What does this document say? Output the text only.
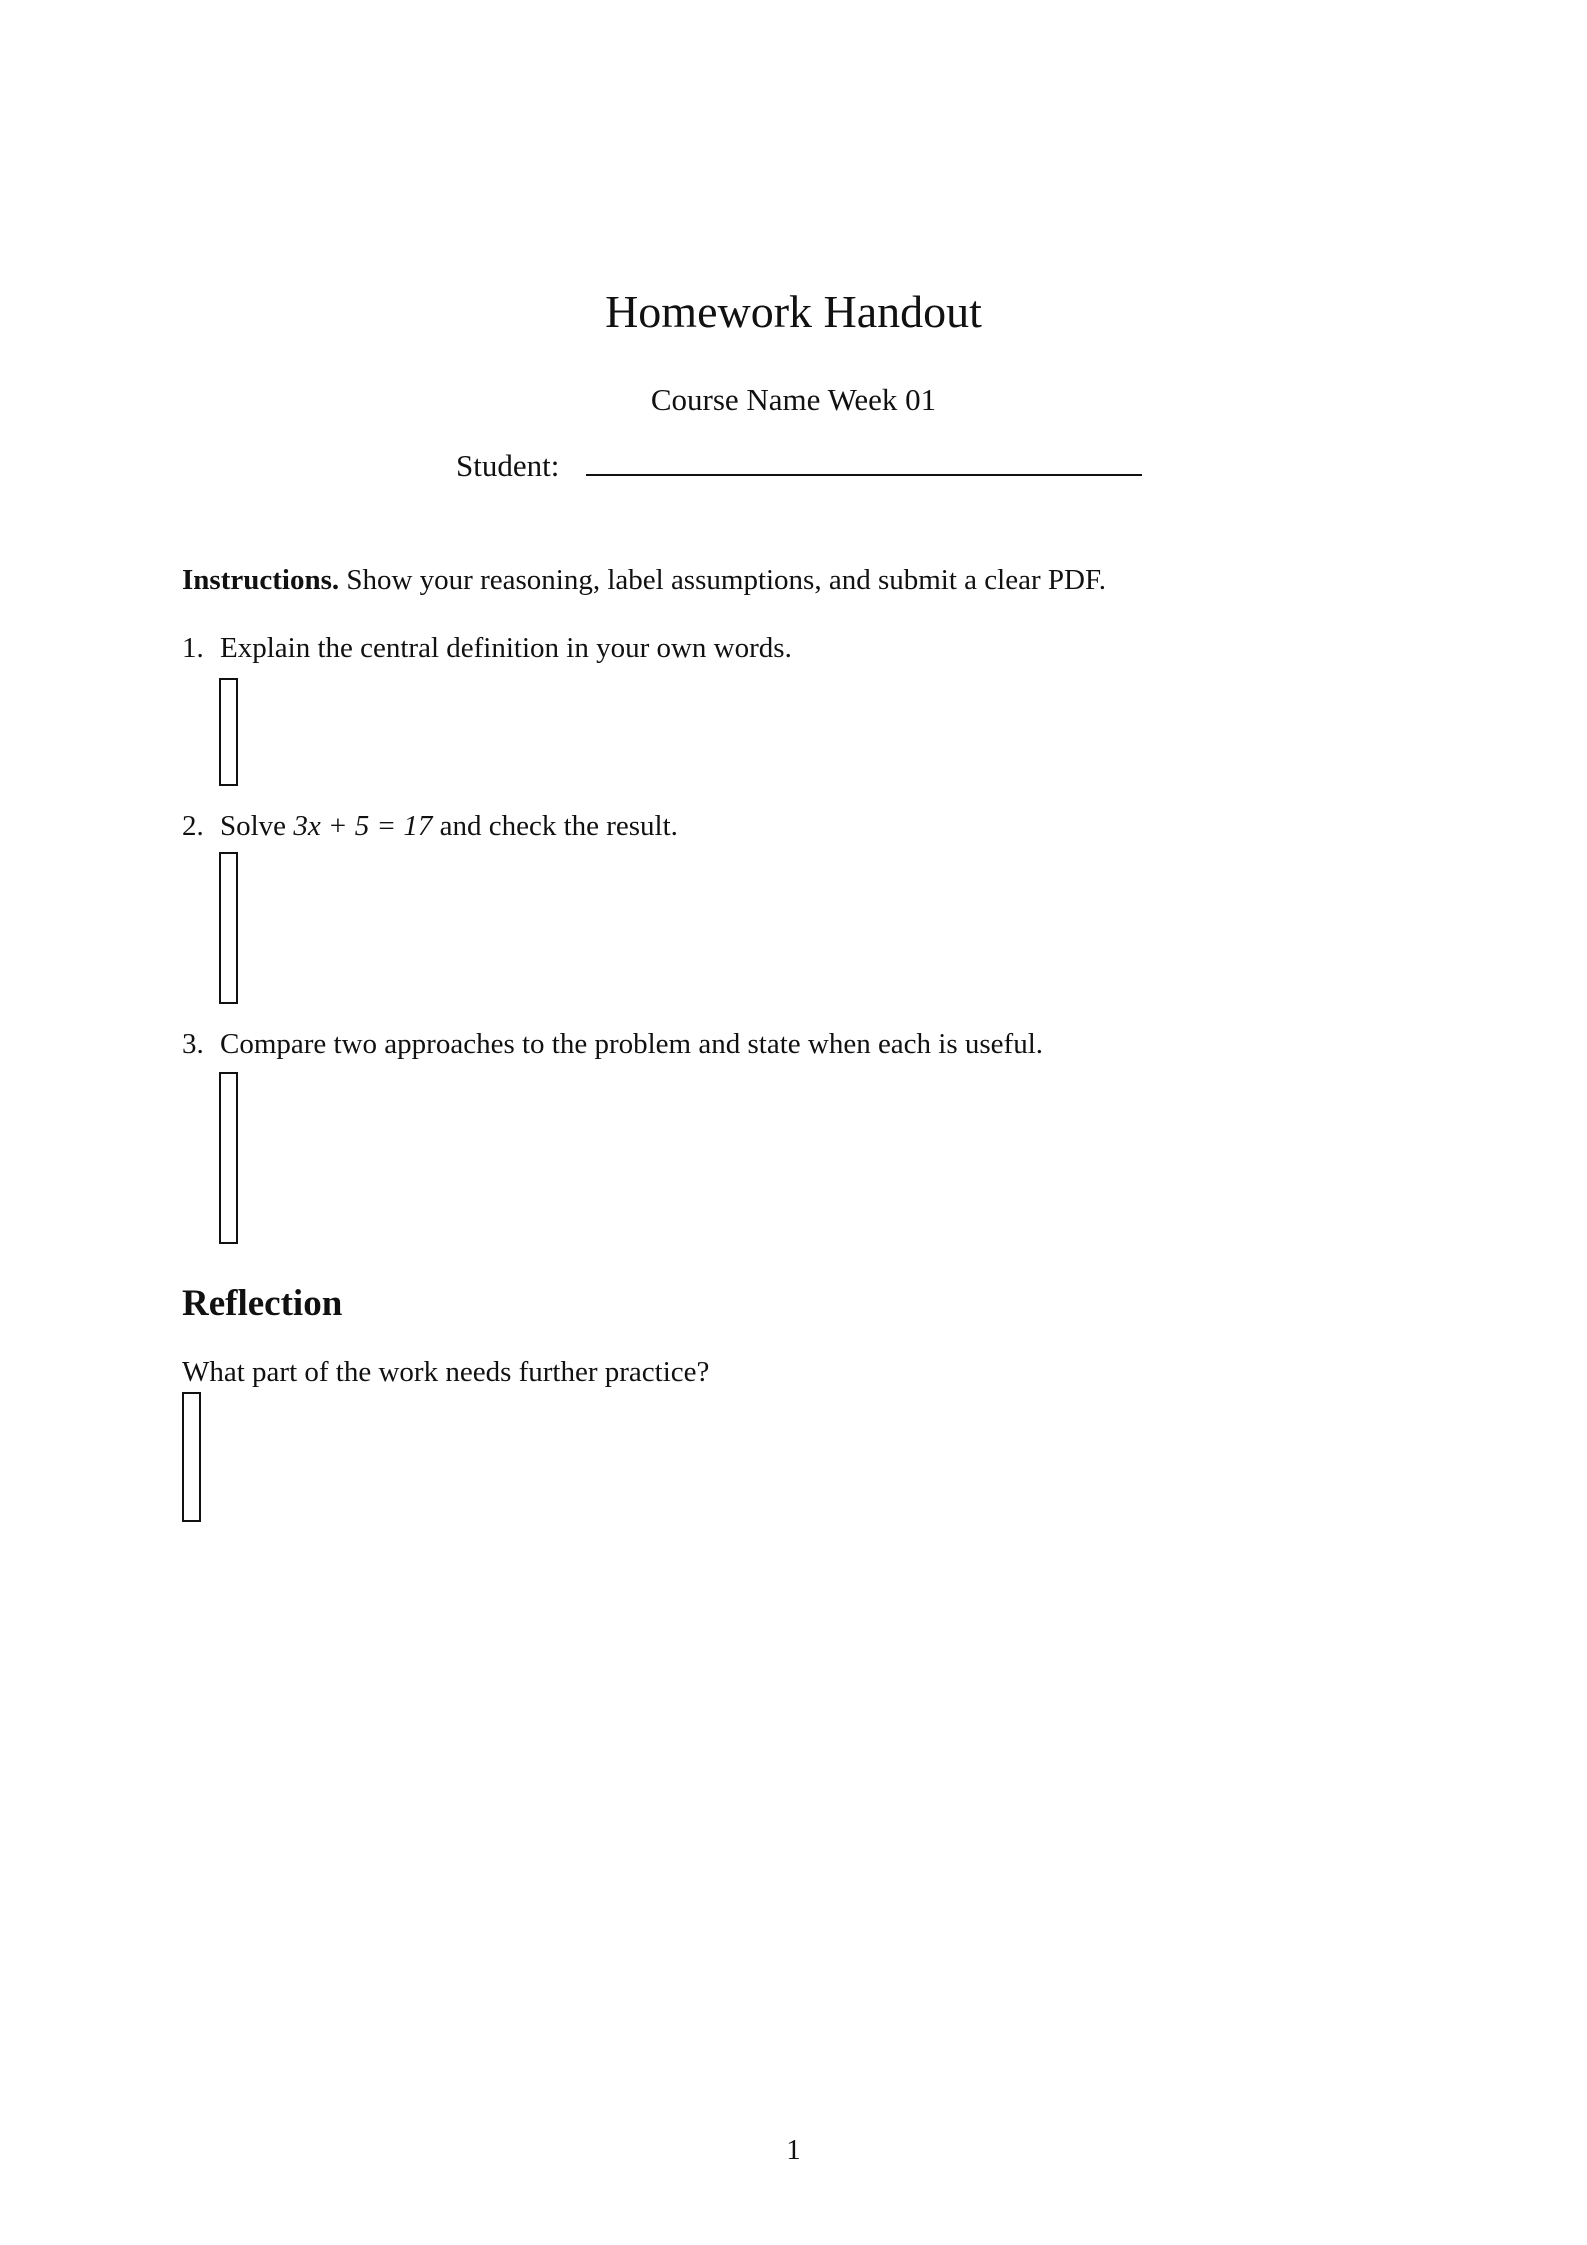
Homework Handout
Course Name Week 01
Student:
Instructions. Show your reasoning, label assumptions, and submit a clear PDF.
1. Explain the central definition in your own words.
2. Solve 3x + 5 = 17 and check the result.
3. Compare two approaches to the problem and state when each is useful.
Reflection
What part of the work needs further practice?
1
